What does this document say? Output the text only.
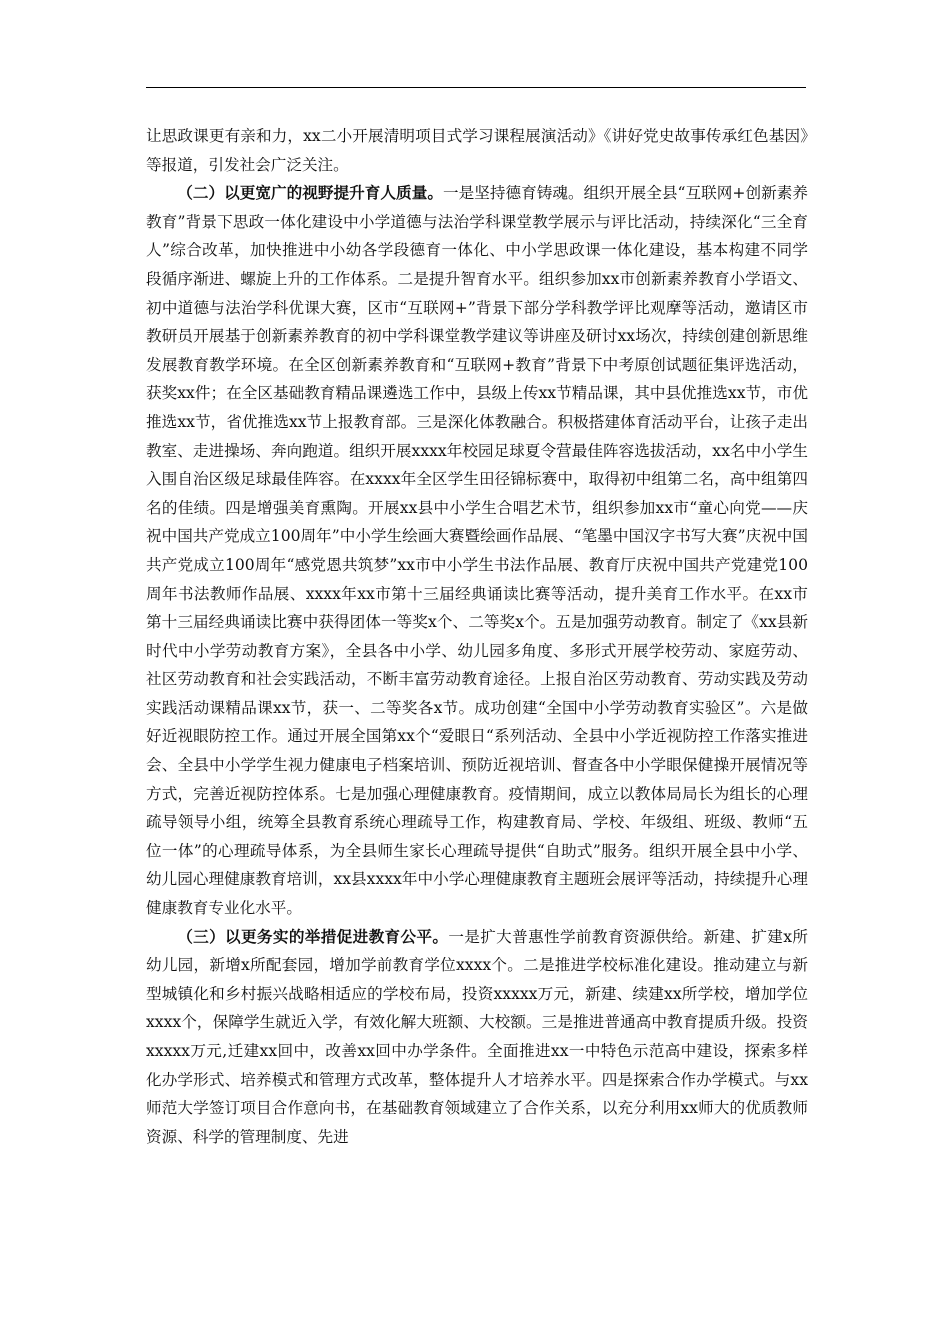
让思政课更有亲和力，xx二小开展清明项目式学习课程展演活动》《讲好党史故事传承红色基因》等报道，引发社会广泛关注。

（二）以更宽广的视野提升育人质量。一是坚持德育铸魂。组织开展全县“互联网+创新素养教育”背景下思政一体化建设中小学道德与法治学科课堂教学展示与评比活动，持续深化“三全育人”综合改革，加快推进中小幼各学段德育一体化、中小学思政课一体化建设，基本构建不同学段循序渐进、螺旋上升的工作体系。二是提升智育水平。组织参加xx市创新素养教育小学语文、初中道德与法治学科优课大赛，区市“互联网+”背景下部分学科教学评比观摩等活动，邀请区市教研员开展基于创新素养教育的初中学科课堂教学建议等讲座及研讨xx场次，持续创建创新思维发展教育教学环境。在全区创新素养教育和“互联网+教育”背景下中考原创试题征集评选活动，获奖xx件；在全区基础教育精品课遴选工作中，县级上传xx节精品课，其中县优推选xx节，市优推选xx节，省优推选xx节上报教育部。三是深化体教融合。积极搭建体育活动平台，让孩子走出教室、走进操场、奔向跑道。组织开展xxxx年校园足球夏令营最佳阵容选拔活动，xx名中小学生入围自治区级足球最佳阵容。在xxxx年全区学生田径锦标赛中，取得初中组第二名，高中组第四名的佳绩。四是增强美育熏陶。开展xx县中小学生合唱艺术节，组织参加xx市“童心向党——庆祝中国共产党成立100周年”中小学生绘画大赛暨绘画作品展、“笔墨中国汉字书写大赛”庆祝中国共产党成立100周年“感党恩共筑梦”xx市中小学生书法作品展、教育厅庆祝中国共产党建党100周年书法教师作品展、xxxx年xx市第十三届经典诵读比赛等活动，提升美育工作水平。在xx市第十三届经典诵读比赛中获得团体一等奖x个、二等奖x个。五是加强劳动教育。制定了《xx县新时代中小学劳动教育方案》，全县各中小学、幼儿园多角度、多形式开展学校劳动、家庭劳动、社区劳动教育和社会实践活动，不断丰富劳动教育途径。上报自治区劳动教育、劳动实践及劳动实践活动课精品课xx节，获一、二等奖各x节。成功创建“全国中小学劳动教育实验区”。六是做好近视眼防控工作。通过开展全国第xx个“爱眼日“系列活动、全县中小学近视防控工作落实推进会、全县中小学学生视力健康电子档案培训、预防近视培训、督查各中小学眼保健操开展情况等方式，完善近视防控体系。七是加强心理健康教育。疫情期间，成立以教体局局长为组长的心理疏导领导小组，统筹全县教育系统心理疏导工作，构建教育局、学校、年级组、班级、教师“五位一体”的心理疏导体系，为全县师生家长心理疏导提供“自助式”服务。组织开展全县中小学、幼儿园心理健康教育培训，xx县xxxx年中小学心理健康教育主题班会展评等活动，持续提升心理健康教育专业化水平。

（三）以更务实的举措促进教育公平。一是扩大普惠性学前教育资源供给。新建、扩建x所幼儿园，新增x所配套园，增加学前教育学位xxxx个。二是推进学校标准化建设。推动建立与新型城镇化和乡村振兴战略相适应的学校布局，投资xxxxx万元，新建、续建xx所学校，增加学位xxxx个，保障学生就近入学，有效化解大班额、大校额。三是推进普通高中教育提质升级。投资xxxxx万元,迁建xx回中，改善xx回中办学条件。全面推进xx一中特色示范高中建设，探索多样化办学形式、培养模式和管理方式改革，整体提升人才培养水平。四是探索合作办学模式。与xx师范大学签订项目合作意向书，在基础教育领域建立了合作关系，以充分利用xx师大的优质教师资源、科学的管理制度、先进
